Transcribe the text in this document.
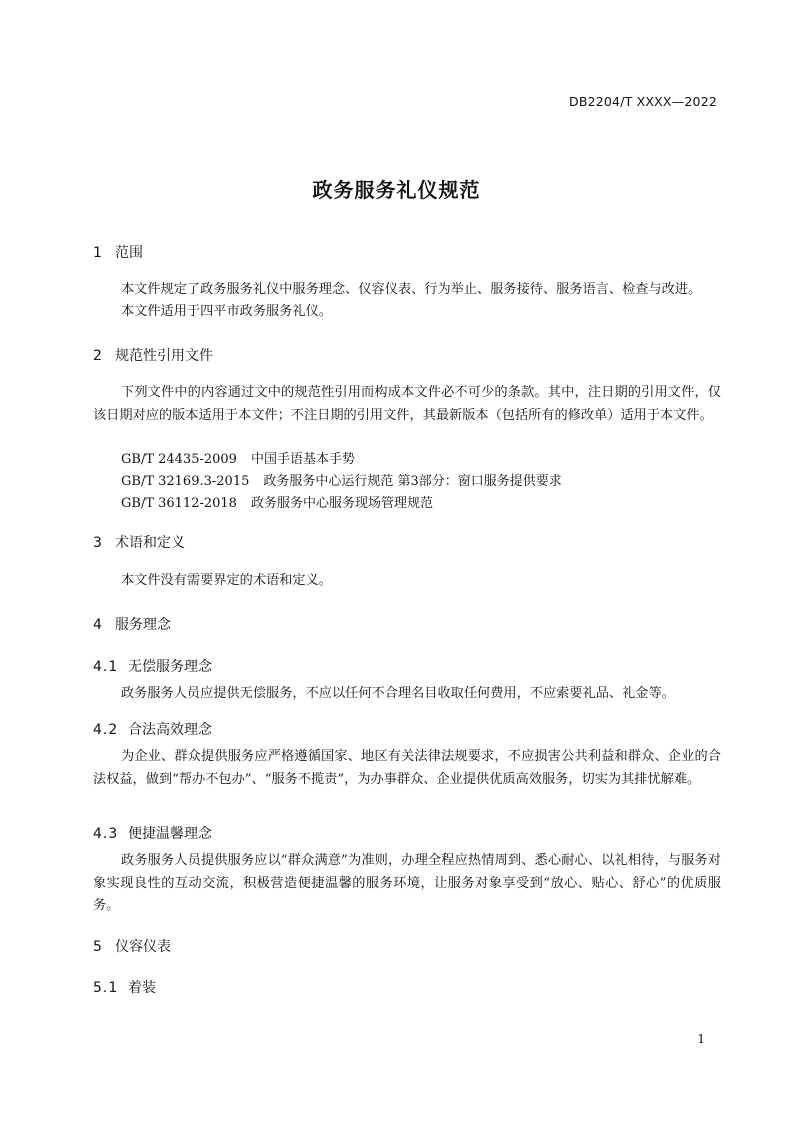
DB2204/T XXXX—2022
政务服务礼仪规范
1 范围
本文件规定了政务服务礼仪中服务理念、仪容仪表、行为举止、服务接待、服务语言、检查与改进。
本文件适用于四平市政务服务礼仪。
2 规范性引用文件
下列文件中的内容通过文中的规范性引用而构成本文件必不可少的条款。其中，注日期的引用文件，仅该日期对应的版本适用于本文件；不注日期的引用文件，其最新版本（包括所有的修改单）适用于本文件。
GB/T 24435-2009 中国手语基本手势
GB/T 32169.3-2015 政务服务中心运行规范 第3部分：窗口服务提供要求
GB/T 36112-2018 政务服务中心服务现场管理规范
3 术语和定义
本文件没有需要界定的术语和定义。
4 服务理念
4.1 无偿服务理念
政务服务人员应提供无偿服务，不应以任何不合理名目收取任何费用，不应索要礼品、礼金等。
4.2 合法高效理念
为企业、群众提供服务应严格遵循国家、地区有关法律法规要求，不应损害公共利益和群众、企业的合法权益，做到“帮办不包办”、“服务不揽责”，为办事群众、企业提供优质高效服务，切实为其排忧解难。
4.3 便捷温馨理念
政务服务人员提供服务应以“群众满意”为准则，办理全程应热情周到、悉心耐心、以礼相待，与服务对象实现良性的互动交流，积极营造便捷温馨的服务环境，让服务对象享受到“放心、贴心、舒心”的优质服务。
5 仪容仪表
5.1 着装
1
